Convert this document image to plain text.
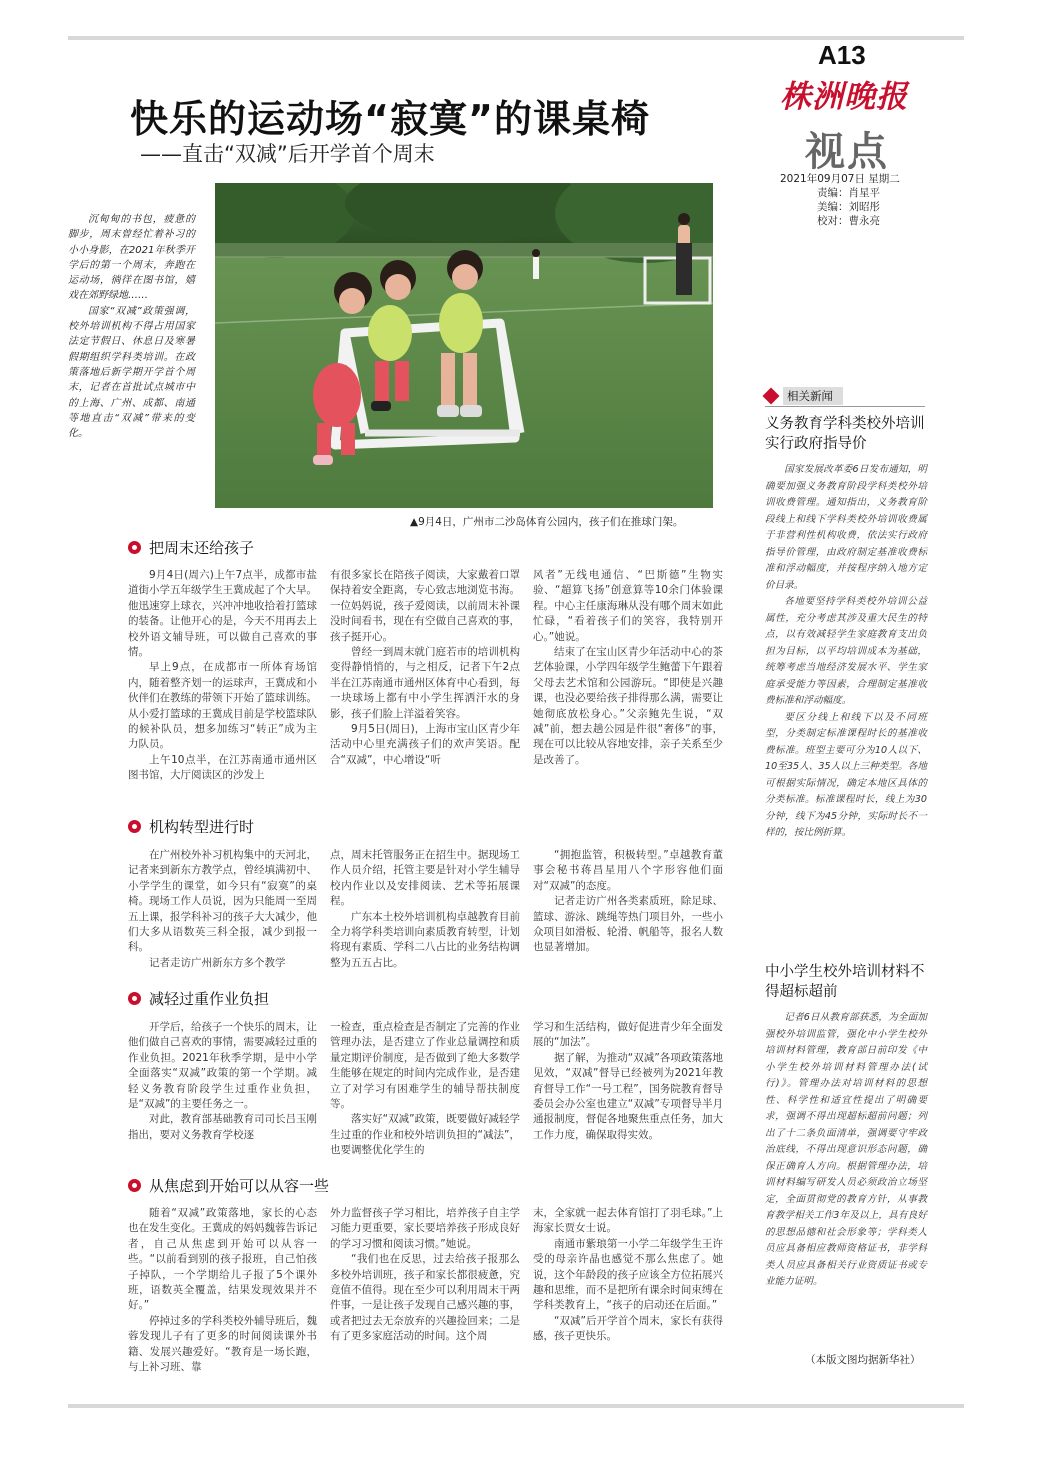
A13
株洲晚报
视点
2021年09月07日 星期二
责编：肖星平
美编：刘昭彤
校对：曹永亮
快乐的运动场“寂寞”的课桌椅
——直击“双减”后开学首个周末

沉甸甸的书包，疲惫的脚步，周末曾经忙着补习的小小身影，在2021年秋季开学后的第一个周末，奔跑在运动场，徜徉在图书馆，嬉戏在郊野绿地……

国家“双减”政策强调，校外培训机构不得占用国家法定节假日、休息日及寒暑假期组织学科类培训。在政策落地后新学期开学首个周末，记者在首批试点城市中的上海、广州、成都、南通等地直击“双减”带来的变化。

▲9月4日，广州市二沙岛体育公园内，孩子们在推球门架。
把周末还给孩子

9月4日(周六)上午7点半，成都市盐道街小学五年级学生王冀成起了个大早。他迅速穿上球衣，兴冲冲地收拾着打篮球的装备。让他开心的是，今天不用再去上校外语文辅导班，可以做自己喜欢的事情。

早上9点，在成都市一所体育场馆内，随着整齐划一的运球声，王冀成和小伙伴们在教练的带领下开始了篮球训练。从小爱打篮球的王冀成目前是学校篮球队的候补队员，想多加练习“转正”成为主力队员。

上午10点半，在江苏南通市通州区图书馆，大厅阅读区的沙发上

有很多家长在陪孩子阅读，大家戴着口罩保持着安全距离，专心致志地浏览书海。一位妈妈说，孩子爱阅读，以前周末补课没时间看书，现在有空做自己喜欢的事，孩子挺开心。

曾经一到周末就门庭若市的培训机构变得静悄悄的，与之相反，记者下午2点半在江苏南通市通州区体育中心看到，每一块球场上都有中小学生挥洒汗水的身影，孩子们脸上洋溢着笑容。

9月5日(周日)，上海市宝山区青少年活动中心里充满孩子们的欢声笑语。配合“双减”，中心增设“听

风者”无线电通信、“巴斯德”生物实验、“超算飞扬”创意算等10余门体验课程。中心主任康海琳从没有哪个周末如此忙碌，“看着孩子们的笑容，我特别开心。”她说。

结束了在宝山区青少年活动中心的茶艺体验课，小学四年级学生鲍蕾下午跟着父母去艺术馆和公园游玩。“即使是兴趣课，也没必要给孩子排得那么满，需要让她彻底放松身心。”父亲鲍先生说，“双减”前，想去趟公园是件很“奢侈”的事，现在可以比较从容地安排，亲子关系至少是改善了。

机构转型进行时

在广州校外补习机构集中的天河北，记者来到新东方教学点，曾经填满初中、小学学生的课堂，如今只有“寂寞”的桌椅。现场工作人员说，因为只能周一至周五上课，报学科补习的孩子大大减少，他们大多从语数英三科全报，减少到报一科。

记者走访广州新东方多个教学

点，周末托管服务正在招生中。据现场工作人员介绍，托管主要是针对小学生辅导校内作业以及安排阅读、艺术等拓展课程。

广东本土校外培训机构卓越教育目前全力将学科类培训向素质教育转型，计划将现有素质、学科二八占比的业务结构调整为五五占比。

“拥抱监管，积极转型。”卓越教育董事会秘书蒋昌星用八个字形容他们面对“双减”的态度。

记者走访广州各类素质班，除足球、篮球、游泳、跳绳等热门项目外，一些小众项目如滑板、轮滑、帆船等，报名人数也显著增加。

减轻过重作业负担

开学后，给孩子一个快乐的周末，让他们做自己喜欢的事情，需要减轻过重的作业负担。2021年秋季学期，是中小学全面落实“双减”政策的第一个学期。减轻义务教育阶段学生过重作业负担，是“双减”的主要任务之一。

对此，教育部基础教育司司长吕玉刚指出，要对义务教育学校逐

一检查，重点检查是否制定了完善的作业管理办法，是否建立了作业总量调控和质量定期评价制度，是否做到了绝大多数学生能够在规定的时间内完成作业，是否建立了对学习有困难学生的辅导帮扶制度等。

落实好“双减”政策，既要做好减轻学生过重的作业和校外培训负担的“减法”，也要调整优化学生的

学习和生活结构，做好促进青少年全面发展的“加法”。

据了解，为推动“双减”各项政策落地见效，“双减”督导已经被列为2021年教育督导工作“一号工程”，国务院教育督导委员会办公室也建立“双减”专项督导半月通报制度，督促各地聚焦重点任务，加大工作力度，确保取得实效。

从焦虑到开始可以从容一些

随着“双减”政策落地，家长的心态也在发生变化。王冀成的妈妈魏蓉告诉记者，自己从焦虑到开始可以从容一些。“以前看到别的孩子报班，自己怕孩子掉队，一个学期给儿子报了5个课外班，语数英全覆盖，结果发现效果并不好。”

停掉过多的学科类校外辅导班后，魏蓉发现儿子有了更多的时间阅读课外书籍、发展兴趣爱好。“教育是一场长跑，与上补习班、靠

外力监督孩子学习相比，培养孩子自主学习能力更重要，家长要培养孩子形成良好的学习习惯和阅读习惯。”她说。

“我们也在反思，过去给孩子报那么多校外培训班，孩子和家长都很疲惫，究竟值不值得。现在至少可以利用周末干两件事，一是让孩子发现自己感兴趣的事，或者把过去无奈放弃的兴趣捡回来；二是有了更多家庭活动的时间。这个周

末，全家就一起去体育馆打了羽毛球。”上海家长贾女士说。

南通市紫琅第一小学二年级学生王许受的母亲许晶也感觉不那么焦虑了。她说，这个年龄段的孩子应该全方位拓展兴趣和思维，而不是把所有课余时间束缚在学科类教育上，“孩子的启动还在后面。”

“双减”后开学首个周末，家长有获得感，孩子更快乐。

相关新闻
义务教育学科类校外培训实行政府指导价

国家发展改革委6日发布通知，明确要加强义务教育阶段学科类校外培训收费管理。通知指出，义务教育阶段线上和线下学科类校外培训收费属于非营利性机构收费，依法实行政府指导价管理，由政府制定基准收费标准和浮动幅度，并按程序纳入地方定价目录。

各地要坚持学科类校外培训公益属性，充分考虑其涉及重大民生的特点，以有效减轻学生家庭教育支出负担为目标，以平均培训成本为基础，统筹考虑当地经济发展水平、学生家庭承受能力等因素，合理制定基准收费标准和浮动幅度。

要区分线上和线下以及不同班型，分类制定标准课程时长的基准收费标准。班型主要可分为10人以下、10至35人、35人以上三种类型。各地可根据实际情况，确定本地区具体的分类标准。标准课程时长，线上为30分钟，线下为45分钟，实际时长不一样的，按比例折算。

中小学生校外培训材料不得超标超前

记者6日从教育部获悉，为全面加强校外培训监管，强化中小学生校外培训材料管理，教育部日前印发《中小学生校外培训材料管理办法(试行)》。管理办法对培训材料的思想性、科学性和适宜性提出了明确要求，强调不得出现超标超前问题；列出了十二条负面清单，强调要守牢政治底线，不得出现意识形态问题，确保正确育人方向。根据管理办法，培训材料编写研发人员必须政治立场坚定，全面贯彻党的教育方针，从事教育教学相关工作3年及以上，具有良好的思想品德和社会形象等；学科类人员应具备相应教师资格证书，非学科类人员应具备相关行业资质证书或专业能力证明。

（本版文图均据新华社）
